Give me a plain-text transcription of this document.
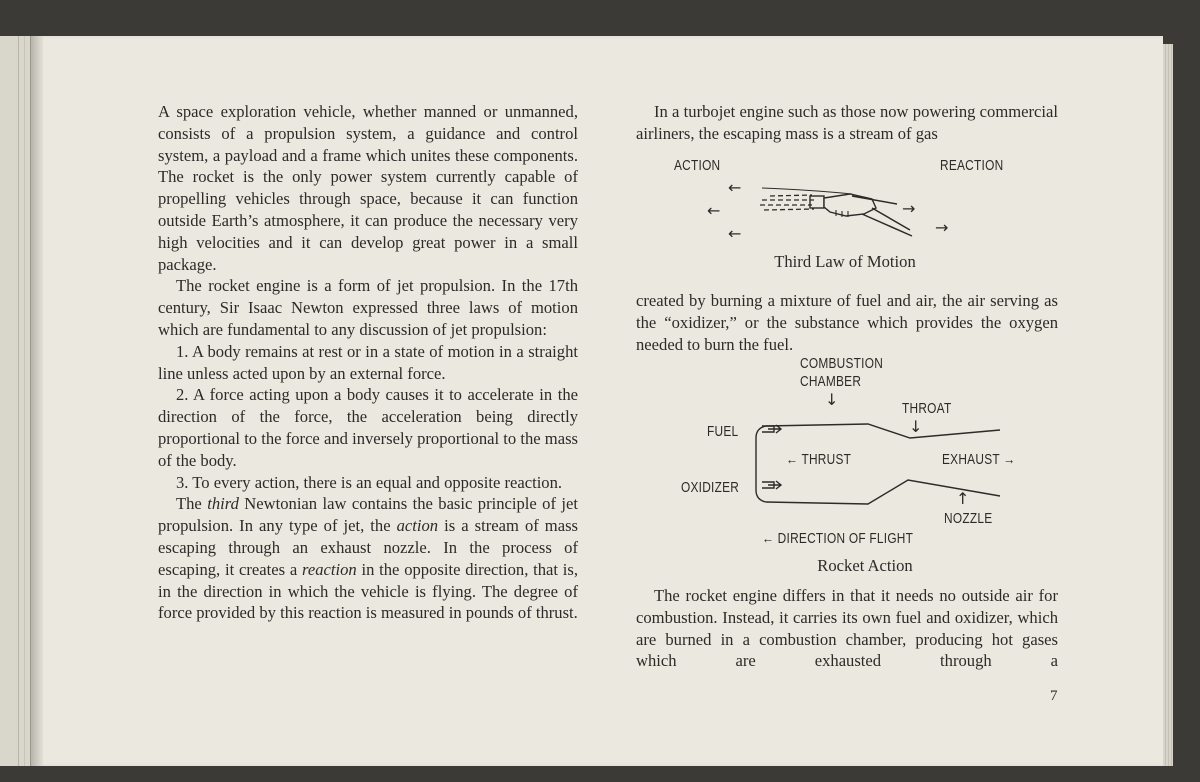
A space exploration vehicle, whether manned or unmanned, consists of a propulsion system, a guidance and control system, a payload and a frame which unites these components. The rocket is the only power system currently capable of propelling vehicles through space, because it can function outside Earth’s atmosphere, it can produce the necessary very high velocities and it can develop great power in a small package.

The rocket engine is a form of jet propulsion. In the 17th century, Sir Isaac Newton expressed three laws of motion which are fundamental to any discussion of jet propulsion:

1. A body remains at rest or in a state of motion in a straight line unless acted upon by an external force.

2. A force acting upon a body causes it to accelerate in the direction of the force, the acceleration being directly proportional to the force and inversely proportional to the mass of the body.

3. To every action, there is an equal and opposite reaction.

The third Newtonian law contains the basic principle of jet propulsion. In any type of jet, the action is a stream of mass escaping through an exhaust nozzle. In the process of escaping, it creates a reaction in the opposite direction, that is, in the direction in which the vehicle is flying. The degree of force provided by this reaction is measured in pounds of thrust.

In a turbojet engine such as those now powering commercial airliners, the escaping mass is a stream of gas

created by burning a mixture of fuel and air, the air serving as the “oxidizer,” or the substance which provides the oxygen needed to burn the fuel.

The rocket engine differs in that it needs no outside air for combustion. Instead, it carries its own fuel and oxidizer, which are burned in a combustion chamber, producing hot gases which are exhausted through a

ACTION	REACTION
←
←
←
→
→
Third Law of Motion
COMBUSTION
CHAMBER
↓	THROAT
↓
FUEL
← THRUST	EXHAUST →
OXIDIZER
↑
NOZZLE
← DIRECTION OF FLIGHT
Rocket Action
7
